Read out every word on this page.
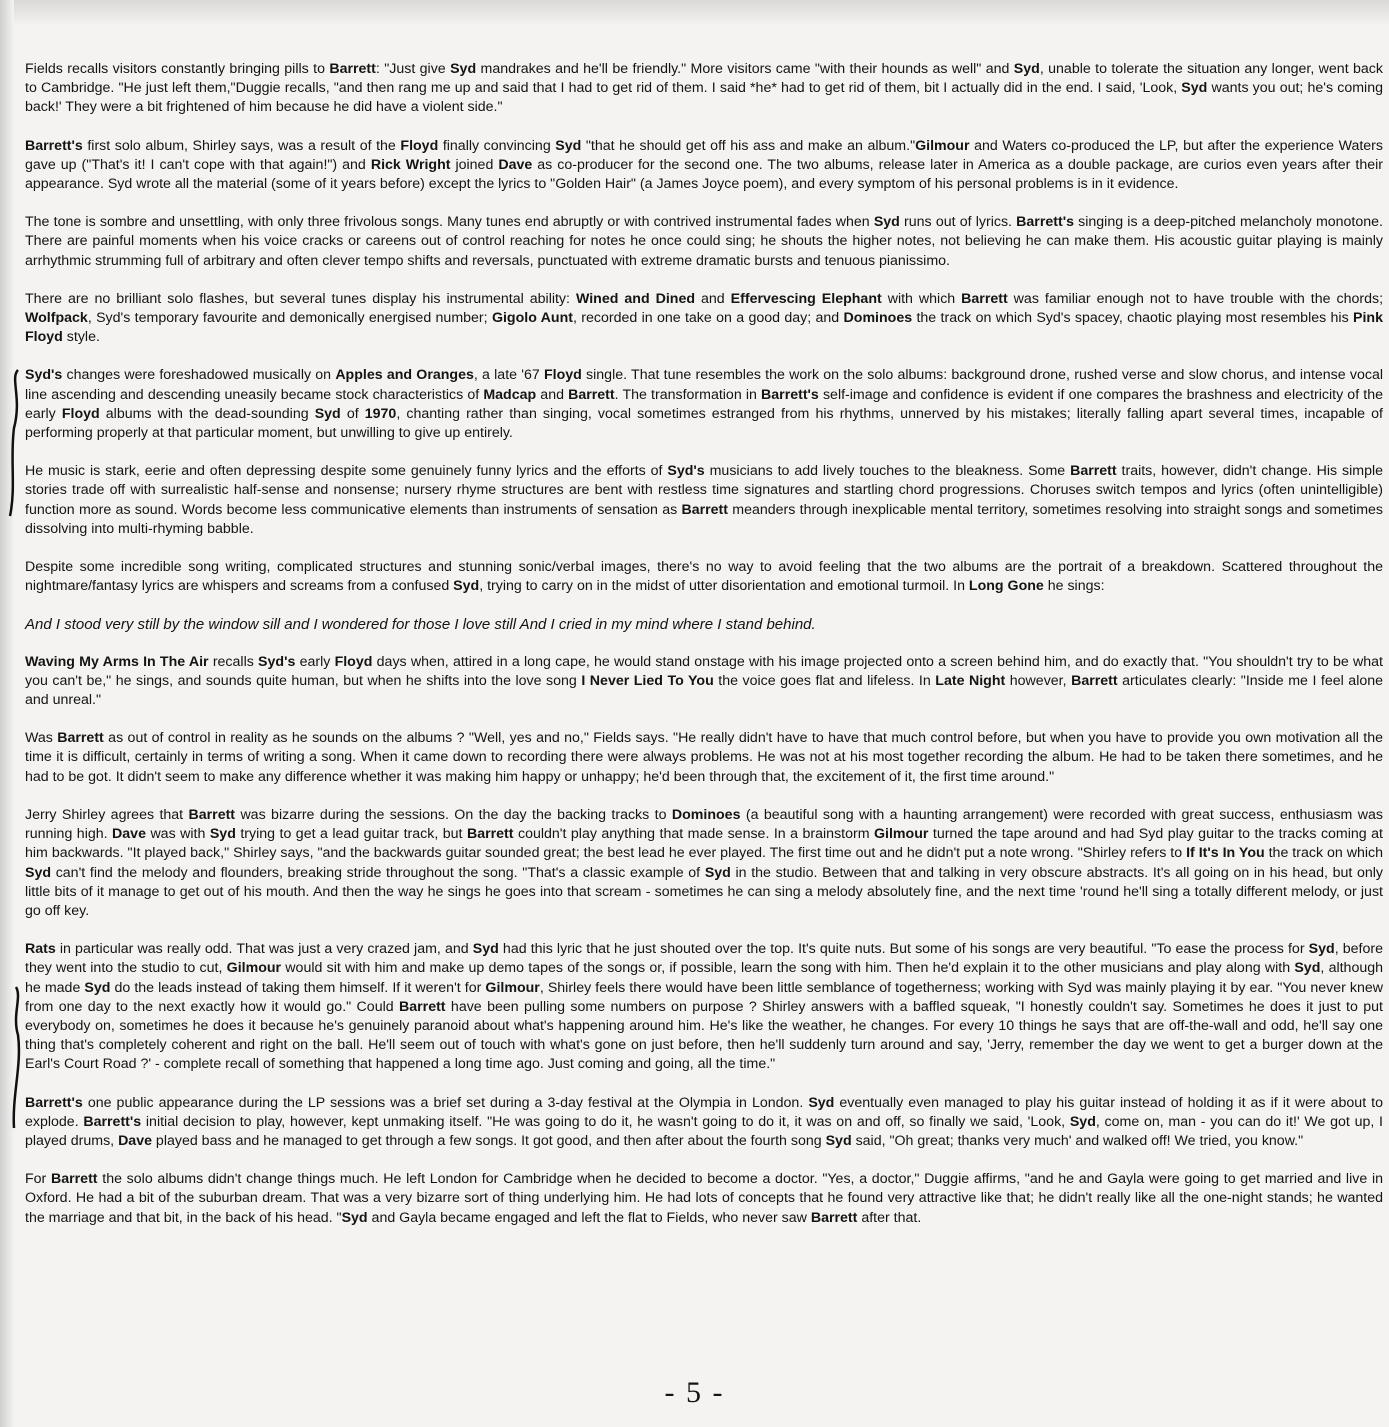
Fields recalls visitors constantly bringing pills to Barrett: "Just give Syd mandrakes and he'll be friendly." More visitors came "with their hounds as well" and Syd, unable to tolerate the situation any longer, went back to Cambridge. "He just left them,"Duggie recalls, "and then rang me up and said that I had to get rid of them. I said *he* had to get rid of them, bit I actually did in the end. I said, 'Look, Syd wants you out; he's coming back!' They were a bit frightened of him because he did have a violent side."

Barrett's first solo album, Shirley says, was a result of the Floyd finally convincing Syd "that he should get off his ass and make an album."Gilmour and Waters co-produced the LP, but after the experience Waters gave up ("That's it! I can't cope with that again!") and Rick Wright joined Dave as co-producer for the second one. The two albums, release later in America as a double package, are curios even years after their appearance. Syd wrote all the material (some of it years before) except the lyrics to "Golden Hair" (a James Joyce poem), and every symptom of his personal problems is in it evidence.

The tone is sombre and unsettling, with only three frivolous songs. Many tunes end abruptly or with contrived instrumental fades when Syd runs out of lyrics. Barrett's singing is a deep-pitched melancholy monotone. There are painful moments when his voice cracks or careens out of control reaching for notes he once could sing; he shouts the higher notes, not believing he can make them. His acoustic guitar playing is mainly arrhythmic strumming full of arbitrary and often clever tempo shifts and reversals, punctuated with extreme dramatic bursts and tenuous pianissimo.

There are no brilliant solo flashes, but several tunes display his instrumental ability: Wined and Dined and Effervescing Elephant with which Barrett was familiar enough not to have trouble with the chords; Wolfpack, Syd's temporary favourite and demonically energised number; Gigolo Aunt, recorded in one take on a good day; and Dominoes the track on which Syd's spacey, chaotic playing most resembles his Pink Floyd style.

Syd's changes were foreshadowed musically on Apples and Oranges, a late '67 Floyd single. That tune resembles the work on the solo albums: background drone, rushed verse and slow chorus, and intense vocal line ascending and descending uneasily became stock characteristics of Madcap and Barrett. The transformation in Barrett's self-image and confidence is evident if one compares the brashness and electricity of the early Floyd albums with the dead-sounding Syd of 1970, chanting rather than singing, vocal sometimes estranged from his rhythms, unnerved by his mistakes; literally falling apart several times, incapable of performing properly at that particular moment, but unwilling to give up entirely.

He music is stark, eerie and often depressing despite some genuinely funny lyrics and the efforts of Syd's musicians to add lively touches to the bleakness. Some Barrett traits, however, didn't change. His simple stories trade off with surrealistic half-sense and nonsense; nursery rhyme structures are bent with restless time signatures and startling chord progressions. Choruses switch tempos and lyrics (often unintelligible) function more as sound. Words become less communicative elements than instruments of sensation as Barrett meanders through inexplicable mental territory, sometimes resolving into straight songs and sometimes dissolving into multi-rhyming babble.

Despite some incredible song writing, complicated structures and stunning sonic/verbal images, there's no way to avoid feeling that the two albums are the portrait of a breakdown. Scattered throughout the nightmare/fantasy lyrics are whispers and screams from a confused Syd, trying to carry on in the midst of utter disorientation and emotional turmoil. In Long Gone he sings:

And I stood very still by the window sill and I wondered for those I love still And I cried in my mind where I stand behind.

Waving My Arms In The Air recalls Syd's early Floyd days when, attired in a long cape, he would stand onstage with his image projected onto a screen behind him, and do exactly that. "You shouldn't try to be what you can't be," he sings, and sounds quite human, but when he shifts into the love song I Never Lied To You the voice goes flat and lifeless. In Late Night however, Barrett articulates clearly: "Inside me I feel alone and unreal."

Was Barrett as out of control in reality as he sounds on the albums ? "Well, yes and no," Fields says. "He really didn't have to have that much control before, but when you have to provide you own motivation all the time it is difficult, certainly in terms of writing a song. When it came down to recording there were always problems. He was not at his most together recording the album. He had to be taken there sometimes, and he had to be got. It didn't seem to make any difference whether it was making him happy or unhappy; he'd been through that, the excitement of it, the first time around."

Jerry Shirley agrees that Barrett was bizarre during the sessions. On the day the backing tracks to Dominoes (a beautiful song with a haunting arrangement) were recorded with great success, enthusiasm was running high. Dave was with Syd trying to get a lead guitar track, but Barrett couldn't play anything that made sense. In a brainstorm Gilmour turned the tape around and had Syd play guitar to the tracks coming at him backwards. "It played back," Shirley says, "and the backwards guitar sounded great; the best lead he ever played. The first time out and he didn't put a note wrong. "Shirley refers to If It's In You the track on which Syd can't find the melody and flounders, breaking stride throughout the song. "That's a classic example of Syd in the studio. Between that and talking in very obscure abstracts. It's all going on in his head, but only little bits of it manage to get out of his mouth. And then the way he sings he goes into that scream - sometimes he can sing a melody absolutely fine, and the next time 'round he'll sing a totally different melody, or just go off key.

Rats in particular was really odd. That was just a very crazed jam, and Syd had this lyric that he just shouted over the top. It's quite nuts. But some of his songs are very beautiful. "To ease the process for Syd, before they went into the studio to cut, Gilmour would sit with him and make up demo tapes of the songs or, if possible, learn the song with him. Then he'd explain it to the other musicians and play along with Syd, although he made Syd do the leads instead of taking them himself. If it weren't for Gilmour, Shirley feels there would have been little semblance of togetherness; working with Syd was mainly playing it by ear. "You never knew from one day to the next exactly how it would go." Could Barrett have been pulling some numbers on purpose ? Shirley answers with a baffled squeak, "I honestly couldn't say. Sometimes he does it just to put everybody on, sometimes he does it because he's genuinely paranoid about what's happening around him. He's like the weather, he changes. For every 10 things he says that are off-the-wall and odd, he'll say one thing that's completely coherent and right on the ball. He'll seem out of touch with what's gone on just before, then he'll suddenly turn around and say, 'Jerry, remember the day we went to get a burger down at the Earl's Court Road ?' - complete recall of something that happened a long time ago. Just coming and going, all the time."

Barrett's one public appearance during the LP sessions was a brief set during a 3-day festival at the Olympia in London. Syd eventually even managed to play his guitar instead of holding it as if it were about to explode. Barrett's initial decision to play, however, kept unmaking itself. "He was going to do it, he wasn't going to do it, it was on and off, so finally we said, 'Look, Syd, come on, man - you can do it!' We got up, I played drums, Dave played bass and he managed to get through a few songs. It got good, and then after about the fourth song Syd said, "Oh great; thanks very much' and walked off! We tried, you know."

For Barrett the solo albums didn't change things much. He left London for Cambridge when he decided to become a doctor. "Yes, a doctor," Duggie affirms, "and he and Gayla were going to get married and live in Oxford. He had a bit of the suburban dream. That was a very bizarre sort of thing underlying him. He had lots of concepts that he found very attractive like that; he didn't really like all the one-night stands; he wanted the marriage and that bit, in the back of his head. "Syd and Gayla became engaged and left the flat to Fields, who never saw Barrett after that.

- 5 -
